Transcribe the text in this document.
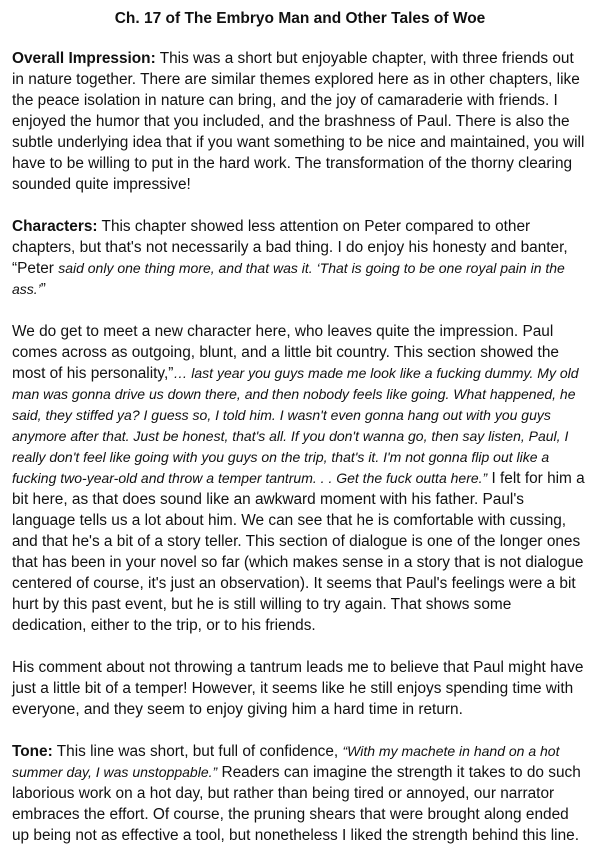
Ch. 17 of The Embryo Man and Other Tales of Woe

Overall Impression: This was a short but enjoyable chapter, with three friends out in nature together. There are similar themes explored here as in other chapters, like the peace isolation in nature can bring, and the joy of camaraderie with friends. I enjoyed the humor that you included, and the brashness of Paul. There is also the subtle underlying idea that if you want something to be nice and maintained, you will have to be willing to put in the hard work. The transformation of the thorny clearing sounded quite impressive!

Characters: This chapter showed less attention on Peter compared to other chapters, but that's not necessarily a bad thing. I do enjoy his honesty and banter, “Peter said only one thing more, and that was it. ‘That is going to be one royal pain in the ass.’”

We do get to meet a new character here, who leaves quite the impression. Paul comes across as outgoing, blunt, and a little bit country. This section showed the most of his personality,”… last year you guys made me look like a fucking dummy. My old man was gonna drive us down there, and then nobody feels like going. What happened, he said, they stiffed ya? I guess so, I told him. I wasn't even gonna hang out with you guys anymore after that. Just be honest, that's all. If you don't wanna go, then say listen, Paul, I really don't feel like going with you guys on the trip, that's it. I'm not gonna flip out like a fucking two-year-old and throw a temper tantrum. . . Get the fuck outta here.” I felt for him a bit here, as that does sound like an awkward moment with his father. Paul's language tells us a lot about him. We can see that he is comfortable with cussing, and that he's a bit of a story teller. This section of dialogue is one of the longer ones that has been in your novel so far (which makes sense in a story that is not dialogue centered of course, it's just an observation). It seems that Paul's feelings were a bit hurt by this past event, but he is still willing to try again. That shows some dedication, either to the trip, or to his friends.

His comment about not throwing a tantrum leads me to believe that Paul might have just a little bit of a temper! However, it seems like he still enjoys spending time with everyone, and they seem to enjoy giving him a hard time in return.

Tone: This line was short, but full of confidence, “With my machete in hand on a hot summer day, I was unstoppable.” Readers can imagine the strength it takes to do such laborious work on a hot day, but rather than being tired or annoyed, our narrator embraces the effort. Of course, the pruning shears that were brought along ended up being not as effective a tool, but nonetheless I liked the strength behind this line.
